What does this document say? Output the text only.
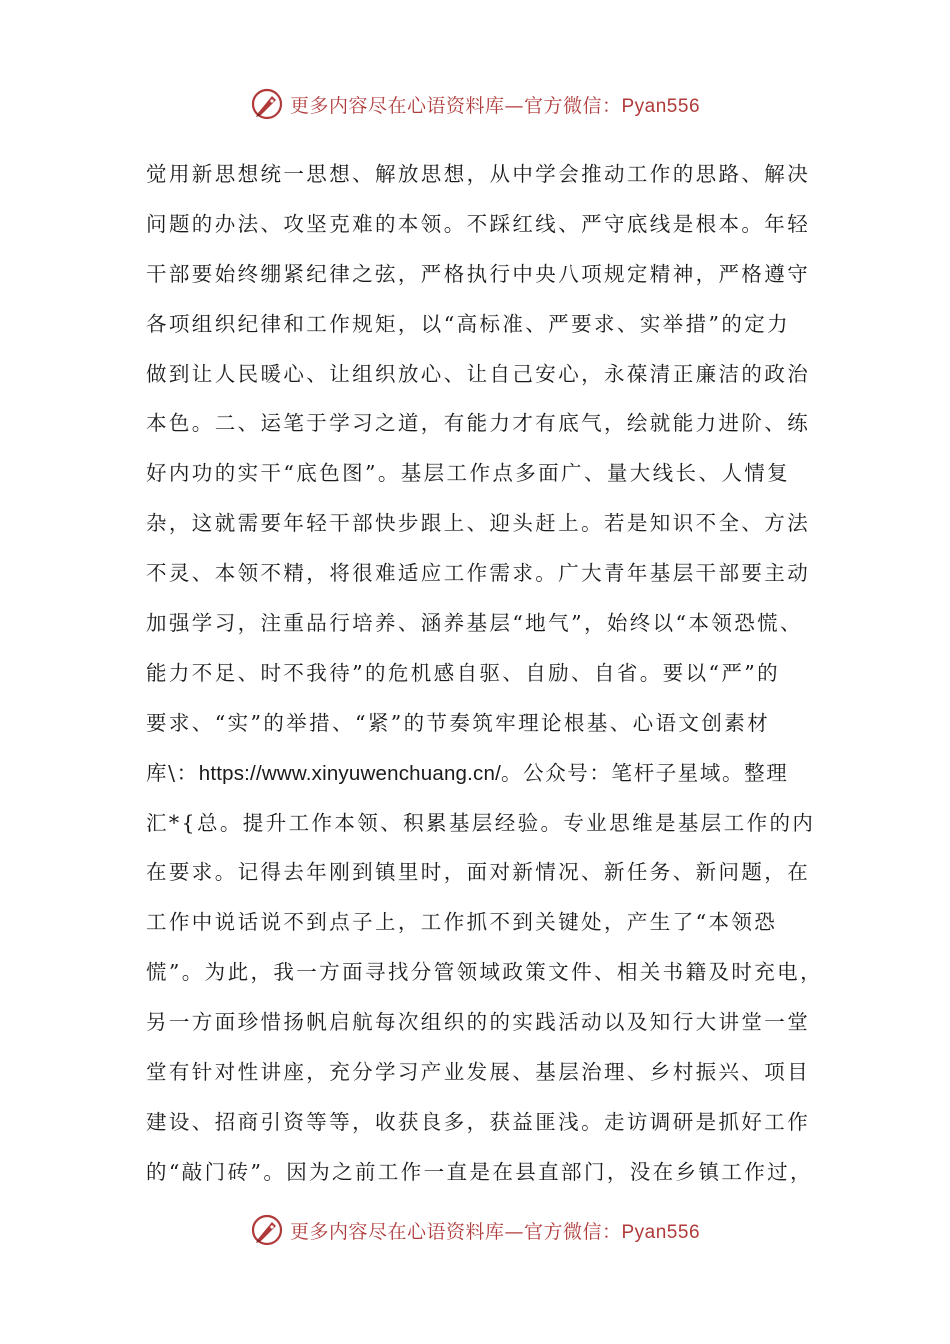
更多内容尽在心语资料库—官方微信：Pyan556
觉用新思想统一思想、解放思想，从中学会推动工作的思路、解决
问题的办法、攻坚克难的本领。不踩红线、严守底线是根本。年轻
干部要始终绷紧纪律之弦，严格执行中央八项规定精神，严格遵守
各项组织纪律和工作规矩，以“高标准、严要求、实举措”的定力
做到让人民暖心、让组织放心、让自己安心，永葆清正廉洁的政治
本色。二、运笔于学习之道，有能力才有底气，绘就能力进阶、练
好内功的实干“底色图”。基层工作点多面广、量大线长、人情复
杂，这就需要年轻干部快步跟上、迎头赶上。若是知识不全、方法
不灵、本领不精，将很难适应工作需求。广大青年基层干部要主动
加强学习，注重品行培养、涵养基层“地气”，始终以“本领恐慌、
能力不足、时不我待”的危机感自驱、自励、自省。要以“严”的
要求、“实”的举措、“紧”的节奏筑牢理论根基、心语文创素材
库\：https://www.xinyuwenchuang.cn/。公众号：笔杆子星域。整理
汇*{总。提升工作本领、积累基层经验。专业思维是基层工作的内
在要求。记得去年刚到镇里时，面对新情况、新任务、新问题，在
工作中说话说不到点子上，工作抓不到关键处，产生了“本领恐
慌”。为此，我一方面寻找分管领域政策文件、相关书籍及时充电，
另一方面珍惜扬帆启航每次组织的的实践活动以及知行大讲堂一堂
堂有针对性讲座，充分学习产业发展、基层治理、乡村振兴、项目
建设、招商引资等等，收获良多，获益匪浅。走访调研是抓好工作
的“敲门砖”。因为之前工作一直是在县直部门，没在乡镇工作过，
更多内容尽在心语资料库—官方微信：Pyan556
